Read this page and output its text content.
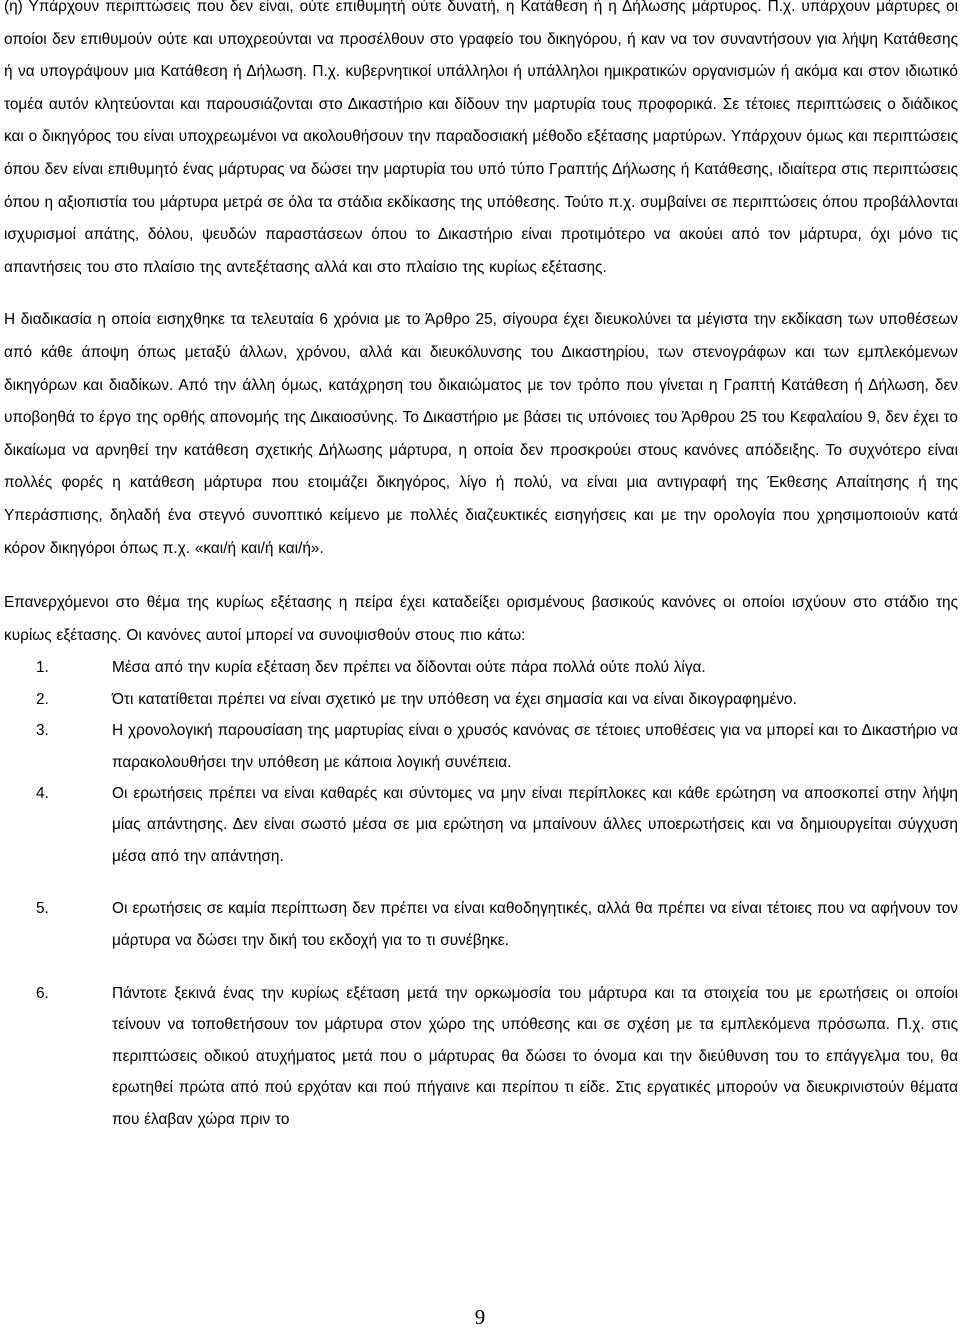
(η) Υπάρχουν περιπτώσεις που δεν είναι, ούτε επιθυμητή ούτε δυνατή, η Κατάθεση ή η Δήλωσης μάρτυρος. Π.χ. υπάρχουν μάρτυρες οι οποίοι δεν επιθυμούν ούτε και υποχρεούνται να προσέλθουν στο γραφείο του δικηγόρου, ή καν να τον συναντήσουν για λήψη Κατάθεσης ή να υπογράψουν μια Κατάθεση ή Δήλωση. Π.χ. κυβερνητικοί υπάλληλοι ή υπάλληλοι ημικρατικών οργανισμών ή ακόμα και στον ιδιωτικό τομέα αυτόν κλητεύονται και παρουσιάζονται στο Δικαστήριο και δίδουν την μαρτυρία τους προφορικά. Σε τέτοιες περιπτώσεις ο διάδικος και ο δικηγόρος του είναι υποχρεωμένοι να ακολουθήσουν την παραδοσιακή μέθοδο εξέτασης μαρτύρων. Υπάρχουν όμως και περιπτώσεις όπου δεν είναι επιθυμητό ένας μάρτυρας να δώσει την μαρτυρία του υπό τύπο Γραπτής Δήλωσης ή Κατάθεσης, ιδιαίτερα στις περιπτώσεις όπου η αξιοπιστία του μάρτυρα μετρά σε όλα τα στάδια εκδίκασης της υπόθεσης. Τούτο π.χ. συμβαίνει σε περιπτώσεις όπου προβάλλονται ισχυρισμοί απάτης, δόλου, ψευδών παραστάσεων όπου το Δικαστήριο είναι προτιμότερο να ακούει από τον μάρτυρα, όχι μόνο τις απαντήσεις του στο πλαίσιο της αντεξέτασης αλλά και στο πλαίσιο της κυρίως εξέτασης.

Η διαδικασία η οποία εισηχθηκε τα τελευταία 6 χρόνια με το Άρθρο 25, σίγουρα έχει διευκολύνει τα μέγιστα την εκδίκαση των υποθέσεων από κάθε άποψη όπως μεταξύ άλλων, χρόνου, αλλά και διευκόλυνσης του Δικαστηρίου, των στενογράφων και των εμπλεκόμενων δικηγόρων και διαδίκων. Από την άλλη όμως, κατάχρηση του δικαιώματος με τον τρόπο που γίνεται η Γραπτή Κατάθεση ή Δήλωση, δεν υποβοηθά το έργο της ορθής απονομής της Δικαιοσύνης. Το Δικαστήριο με βάσει τις υπόνοιες του Άρθρου 25 του Κεφαλαίου 9, δεν έχει το δικαίωμα να αρνηθεί την κατάθεση σχετικής Δήλωσης μάρτυρα, η οποία δεν προσκρούει στους κανόνες απόδειξης. Το συχνότερο είναι πολλές φορές η κατάθεση μάρτυρα που ετοιμάζει δικηγόρος, λίγο ή πολύ, να είναι μια αντιγραφή της Έκθεσης Απαίτησης ή της Υπεράσπισης, δηλαδή ένα στεγνό συνοπτικό κείμενο με πολλές διαζευκτικές εισηγήσεις και με την ορολογία που χρησιμοποιούν κατά κόρον δικηγόροι όπως π.χ. «και/ή και/ή και/ή».

Επανερχόμενοι στο θέμα της κυρίως εξέτασης η πείρα έχει καταδείξει ορισμένους βασικούς κανόνες οι οποίοι ισχύουν στο στάδιο της κυρίως εξέτασης. Οι κανόνες αυτοί μπορεί να συνοψισθούν στους πιο κάτω:

1.	Μέσα από την κυρία εξέταση δεν πρέπει να δίδονται ούτε πάρα πολλά ούτε πολύ λίγα.
2.	Ότι κατατίθεται πρέπει να είναι σχετικό με την υπόθεση να έχει σημασία και να είναι δικογραφημένο.
3.	Η χρονολογική παρουσίαση της μαρτυρίας είναι ο χρυσός κανόνας σε τέτοιες υποθέσεις για να μπορεί και το Δικαστήριο να παρακολουθήσει την υπόθεση με κάποια λογική συνέπεια.
4.	Οι ερωτήσεις πρέπει να είναι καθαρές και σύντομες να μην είναι περίπλοκες και κάθε ερώτηση να αποσκοπεί στην λήψη μίας απάντησης. Δεν είναι σωστό μέσα σε μια ερώτηση να μπαίνουν άλλες υποερωτήσεις και να δημιουργείται σύγχυση μέσα από την απάντηση.
5.	Οι ερωτήσεις σε καμία περίπτωση δεν πρέπει να είναι καθοδηγητικές, αλλά θα πρέπει να είναι τέτοιες που να αφήνουν τον μάρτυρα να δώσει την δική του εκδοχή για το τι συνέβηκε.
6.	Πάντοτε ξεκινά ένας την κυρίως εξέταση μετά την ορκωμοσία του μάρτυρα και τα στοιχεία του με ερωτήσεις οι οποίοι τείνουν να τοποθετήσουν τον μάρτυρα στον χώρο της υπόθεσης και σε σχέση με τα εμπλεκόμενα πρόσωπα. Π.χ. στις περιπτώσεις οδικού ατυχήματος μετά που ο μάρτυρας θα δώσει το όνομα και την διεύθυνση του το επάγγελμα του, θα ερωτηθεί πρώτα από πού ερχόταν και πού πήγαινε και περίπου τι είδε. Στις εργατικές μπορούν να διευκρινιστούν θέματα που έλαβαν χώρα πριν το
9
